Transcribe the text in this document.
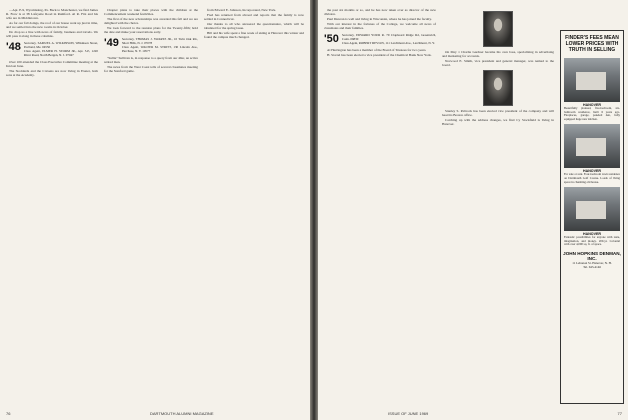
—Apt. E-9, Wyomissing, Pa. Back to Manchester, we find James R. Frew is at 38 Lafayette Road in Rumford. Al R. Fitz and his wife are in Middletown.

As for our fall doings, the roof of our house went up just in time, and we settled into the new rooms in October.

Do drop us a line with news of family, business and travels. We will pass it along in these columns.

'48 Secretary, SAMUEL A. WILKINSON, Wilkinson Street, Portland, Me. 04550
Class Agent, ELMER H. STORM JR., Apt. 5-E, 1220 River Road, North Bergen, N. J. 07047

Over 100 attended the Class Executive Committee meeting at the Inn last June.

The Stoddards and the Cravens are now living in Exeter, both sons at the Academy.

Chapter plans to take their places with the children at the Commencement weekend festivities.

The first of the new scholarships was awarded this fall and we are delighted with the choice.

We look forward to the reunion plans for the Twenty-fifth; hold the date and make your reservations early.

'49 Secretary, THOMAS J. SWARTZ JR., 10 Twin Oak Rd., Short Hills, N. J. 07078
Class Agent, WALTER M. STRITT, 130 Lincoln Ave., Purchase, N. Y. 10577

"Sullie" Sullivan is, in response to a query from our 49er, an active retired man.

The news from the West Coast tells of several classmates meeting for the Stanford game.

from Edward E. Johnson, Incorporated, New York.

Fred has returned from abroad and reports that the family is now settled in Connecticut.

Our thanks to all who answered the questionnaire, which will be tabulated for the spring issue.

Bill and his wife spent a fine week of skiing at Hanover this winter and found the campus much changed.

76	DARTMOUTH ALUMNI MAGAZINE

the past six months or so, and he has now taken over as director of the new division.

Paul Duncan is well and living in Wisconsin, where he has joined the faculty.

With our interest in the fortunes of the College, we welcome all news of classmates and their families.

'50 Secretary, EDWARD YOUR R. 79 Clapboard Ridge Rd, Greenwich, Conn. 06830
Class Agent, ROBERT DEVLIN, 111 Larchmont Ave., Larchmont, N. Y.

Al Harrington has been a member of the Board of Trustees for two years.

H. Storrel has been elected a vice president of the Chemical Bank New York.

On May 1 Charlie Gardner became his own boss, specializing in advertising and marketing for accounts.

Norwood E. Smith, vice president and general manager, was named to the board.

Stanley S. Paltrock has been elected vice president of the company and will head its Boston office.

Catching up with the address changes, we find Cy Stockfield is living in Hanover.

FINDER'S FEES MEAN LOWER PRICES WITH TRUTH IN SELLING
HANOVER
Beautifully planned, five-bedroom, six-bathroom residence, built 6 years ago. Fireplaces, garage, paneled den, fully equipped huge new kitchen.
HANOVER
For sale or rent. Four-bedroom town residence on Dartmouth Golf Course. Loads of living space in charming old house.
HANOVER
Fantastic possibilities for anyone with taste, imagination, and money. 200-yr. Colonial with over 4,000 sq. ft. of space.
JOHN HOPKINS DENMAN, INC.
11 Lebanon St. Hanover, N. H.
Tel. 643-4146
ISSUE OF JUNE 1969	77
